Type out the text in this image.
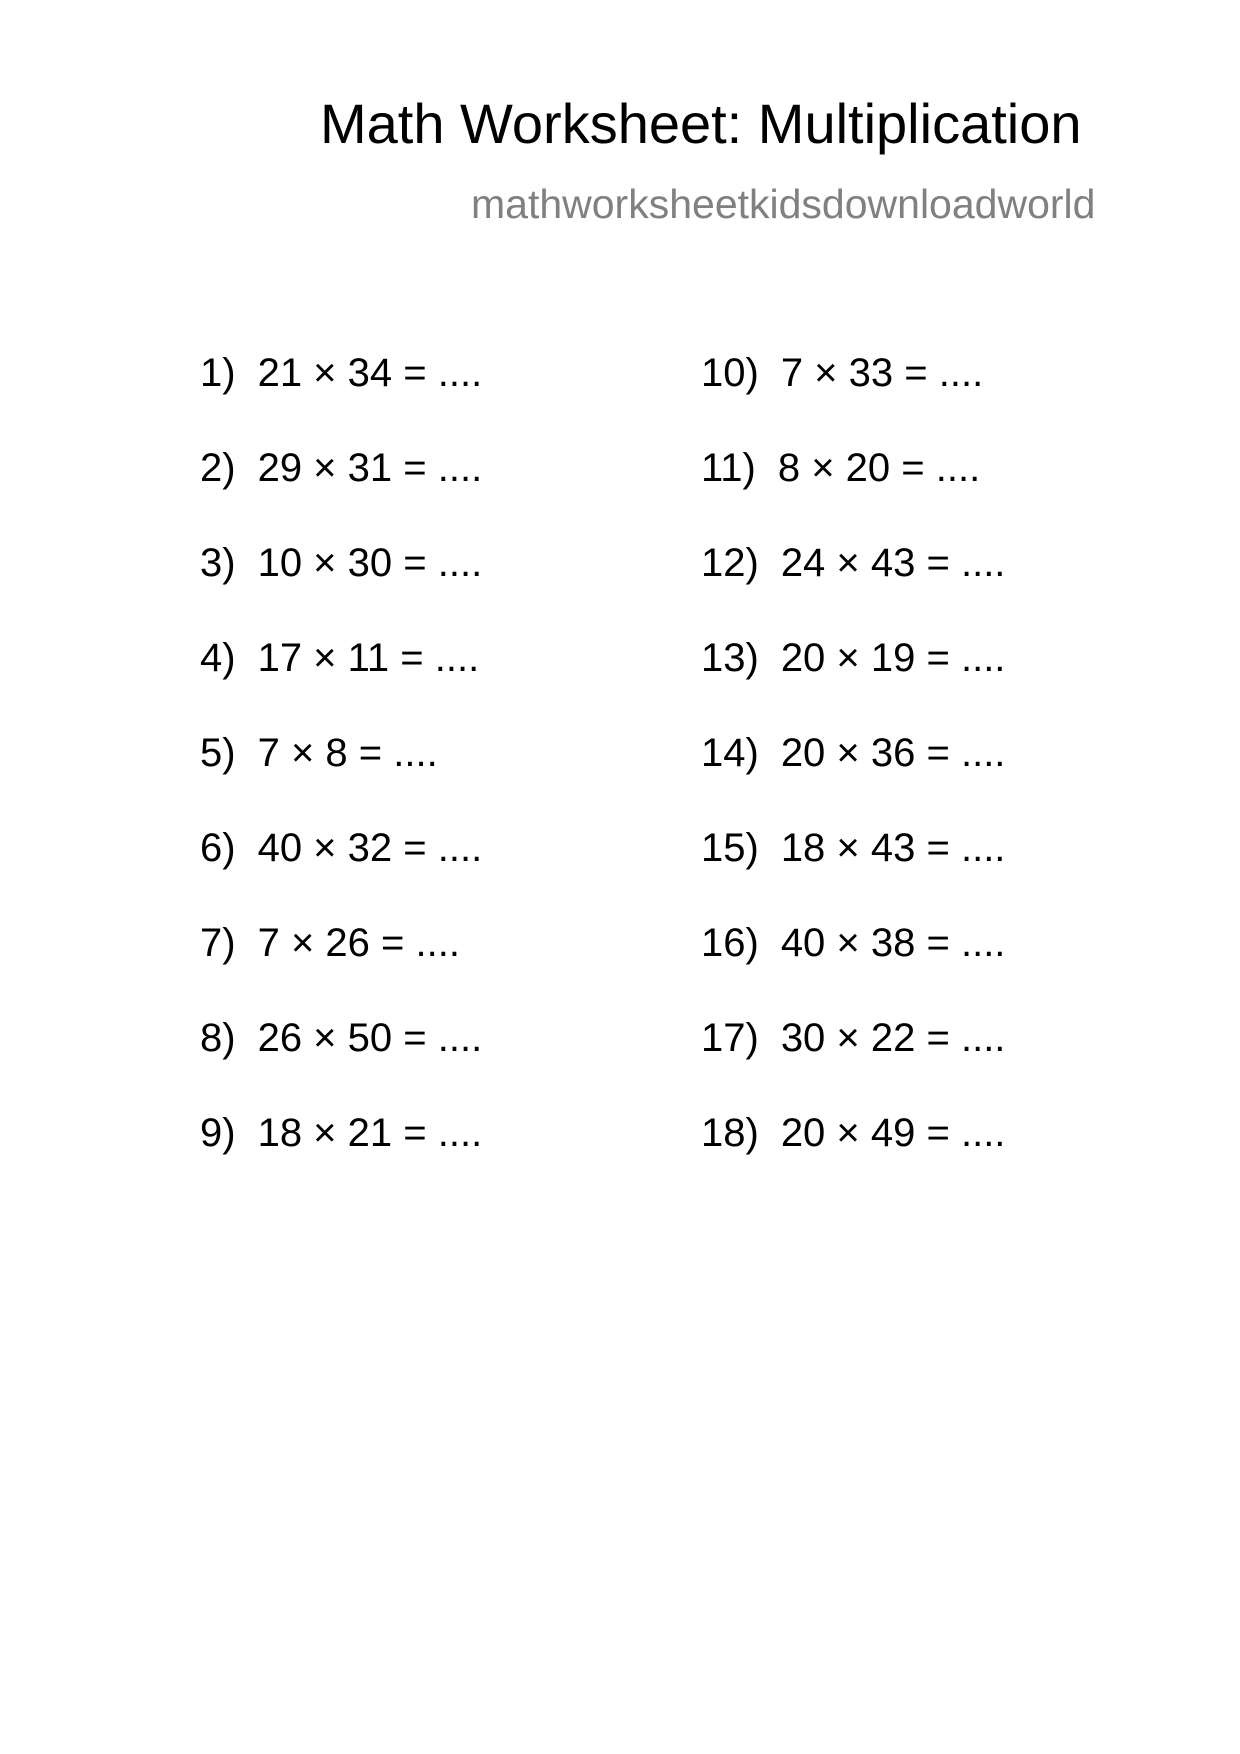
Math Worksheet: Multiplication
mathworksheetkidsdownloadworld
1) 21 × 34 = ....
2) 29 × 31 = ....
3) 10 × 30 = ....
4) 17 × 11 = ....
5) 7 × 8 = ....
6) 40 × 32 = ....
7) 7 × 26 = ....
8) 26 × 50 = ....
9) 18 × 21 = ....
10) 7 × 33 = ....
11) 8 × 20 = ....
12) 24 × 43 = ....
13) 20 × 19 = ....
14) 20 × 36 = ....
15) 18 × 43 = ....
16) 40 × 38 = ....
17) 30 × 22 = ....
18) 20 × 49 = ....
